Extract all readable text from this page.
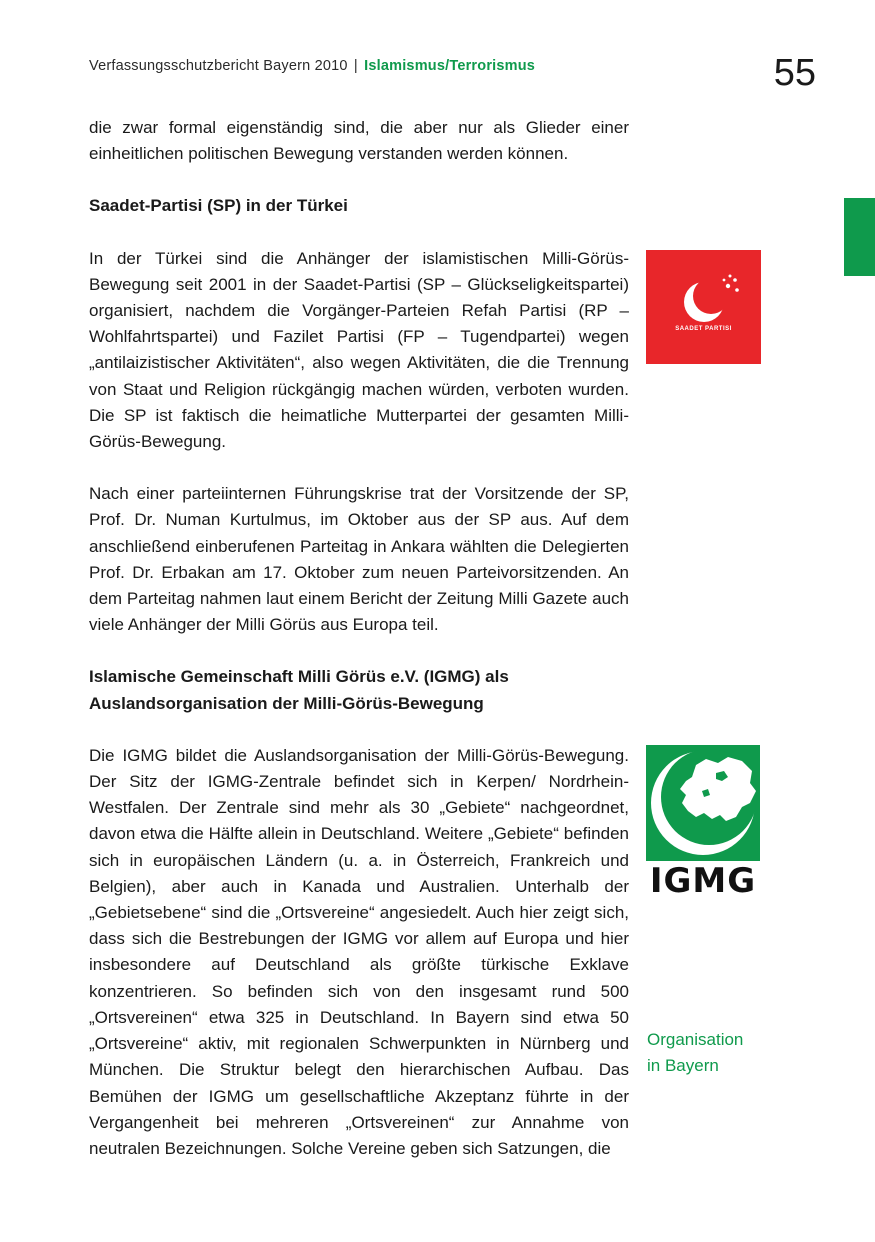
Verfassungsschutzbericht Bayern 2010 | Islamismus/Terrorismus	55

die zwar formal eigenständig sind, die aber nur als Glieder einer einheitlichen politischen Bewegung verstanden werden können.

Saadet-Partisi (SP) in der Türkei

In der Türkei sind die Anhänger der islamistischen Milli-Görüs-Bewegung seit 2001 in der Saadet-Partisi (SP – Glückseligkeitspartei) organisiert, nachdem die Vorgänger-Parteien Refah Partisi (RP – Wohlfahrtspartei) und Fazilet Partisi (FP – Tugendpartei) wegen „antilaizistischer Aktivitäten“, also wegen Aktivitäten, die die Trennung von Staat und Religion rückgängig machen würden, verboten wurden. Die SP ist faktisch die heimatliche Mutterpartei der gesamten Milli-Görüs-Bewegung.

Nach einer parteiinternen Führungskrise trat der Vorsitzende der SP, Prof. Dr. Numan Kurtulmus, im Oktober aus der SP aus. Auf dem anschließend einberufenen Parteitag in Ankara wählten die Delegierten Prof. Dr. Erbakan am 17. Oktober zum neuen Parteivorsitzenden. An dem Parteitag nahmen laut einem Bericht der Zeitung Milli Gazete auch viele Anhänger der Milli Görüs aus Europa teil.

Islamische Gemeinschaft Milli Görüs e.V. (IGMG) als
Auslandsorganisation der Milli-Görüs-Bewegung

Die IGMG bildet die Auslandsorganisation der Milli-Görüs-Bewegung. Der Sitz der IGMG-Zentrale befindet sich in Kerpen/ Nordrhein-Westfalen. Der Zentrale sind mehr als 30 „Gebiete“ nachgeordnet, davon etwa die Hälfte allein in Deutschland. Weitere „Gebiete“ befinden sich in europäischen Ländern (u. a. in Österreich, Frankreich und Belgien), aber auch in Kanada und Australien. Unterhalb der „Gebietsebene“ sind die „Ortsvereine“ angesiedelt. Auch hier zeigt sich, dass sich die Bestrebungen der IGMG vor allem auf Europa und hier insbesondere auf Deutschland als größte türkische Exklave konzentrieren. So befinden sich von den insgesamt rund 500 „Ortsvereinen“ etwa 325 in Deutschland. In Bayern sind etwa 50 „Ortsvereine“ aktiv, mit regionalen Schwerpunkten in Nürnberg und München. Die Struktur belegt den hierarchischen Aufbau. Das Bemühen der IGMG um gesellschaftliche Akzeptanz führte in der Vergangenheit bei mehreren „Ortsvereinen“ zur Annahme von neutralen Bezeichnungen. Solche Vereine geben sich Satzungen, die

SAADET PARTISI
IGMG
Organisation
in Bayern
